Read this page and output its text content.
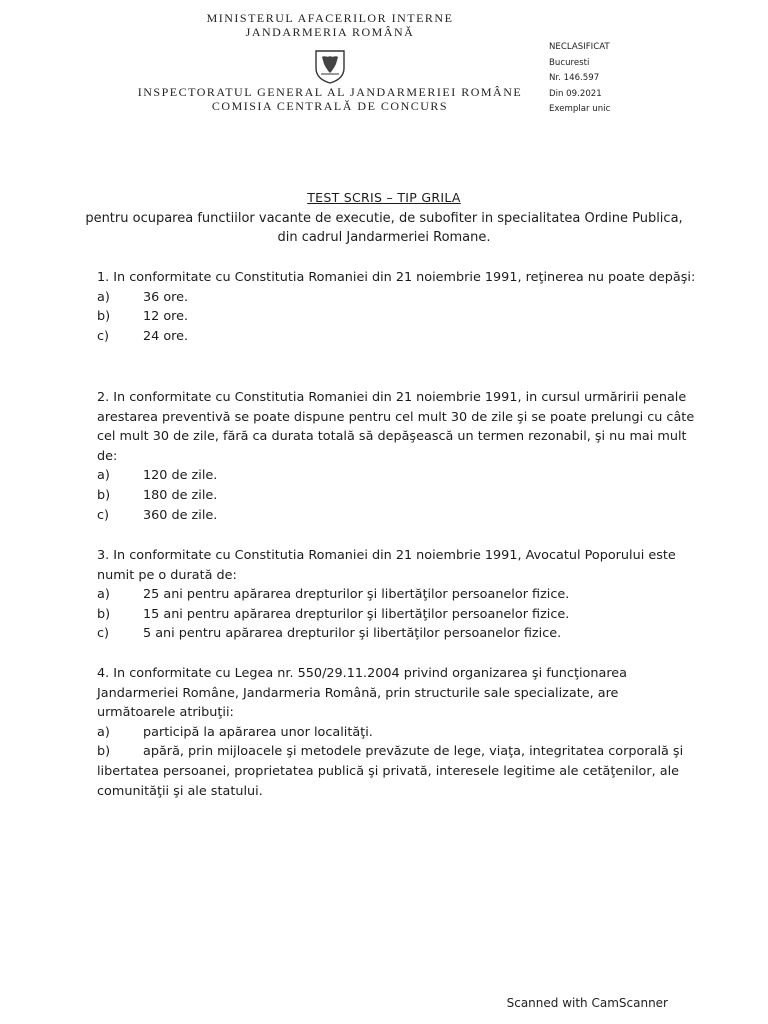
MINISTERUL AFACERILOR INTERNE
JANDARMERIA ROMÂNĂ
INSPECTORATUL GENERAL AL JANDARMERIEI ROMÂNE
COMISIA CENTRALĂ DE CONCURS
NECLASIFICAT
Bucuresti
Nr. 146.597
Din 09.2021
Exemplar unic
TEST SCRIS – TIP GRILA
pentru ocuparea functiilor vacante de executie, de subofiter in specialitatea Ordine Publica,
din cadrul Jandarmeriei Romane.

1. In conformitate cu Constitutia Romaniei din 21 noiembrie 1991, reţinerea nu poate depăşi:

a)	36 ore.
b)	12 ore.
c)	24 ore.

2. In conformitate cu Constitutia Romaniei din 21 noiembrie 1991, in cursul urmăririi penale arestarea preventivă se poate dispune pentru cel mult 30 de zile şi se poate prelungi cu câte cel mult 30 de zile, fără ca durata totală să depăşească un termen rezonabil, şi nu mai mult de:

a)	120 de zile.
b)	180 de zile.
c)	360 de zile.

3. In conformitate cu Constitutia Romaniei din 21 noiembrie 1991, Avocatul Poporului este numit pe o durată de:

a)	25 ani pentru apărarea drepturilor şi libertăţilor persoanelor fizice.
b)	15 ani pentru apărarea drepturilor şi libertăţilor persoanelor fizice.
c)	5 ani pentru apărarea drepturilor şi libertăţilor persoanelor fizice.

4. In conformitate cu Legea nr. 550/29.11.2004 privind organizarea şi funcţionarea Jandarmeriei Române, Jandarmeria Română, prin structurile sale specializate, are următoarele atribuţii:

a)	participă la apărarea unor localităţi.
b)	apără, prin mijloacele şi metodele prevăzute de lege, viaţa, integritatea corporală şi libertatea persoanei, proprietatea publică şi privată, interesele legitime ale cetăţenilor, ale comunităţii şi ale statului.
Scanned with CamScanner
